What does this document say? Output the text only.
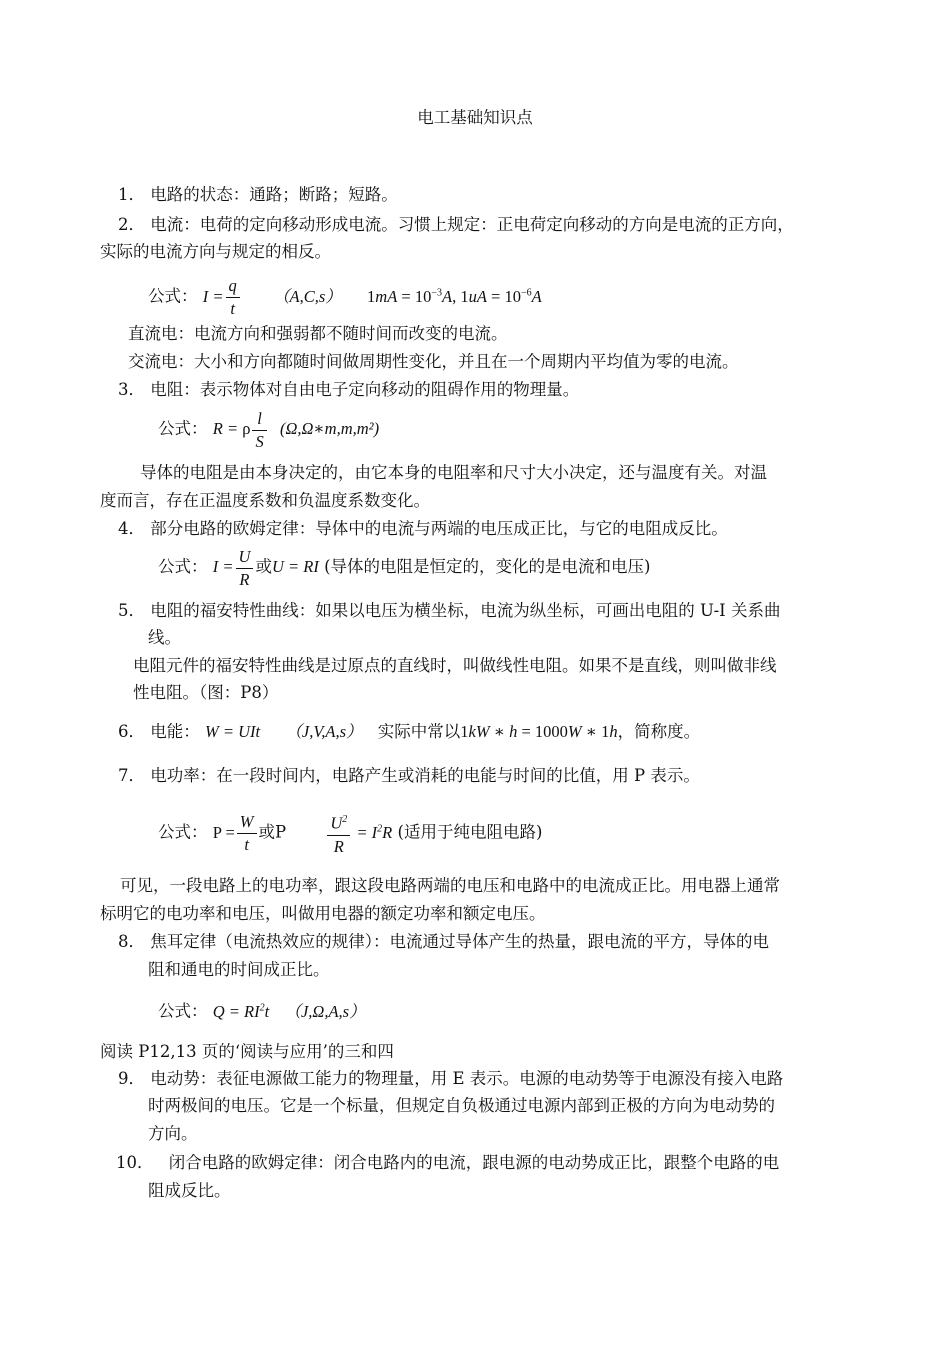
电工基础知识点
1． 电路的状态：通路；断路；短路。
2． 电流：电荷的定向移动形成电流。习惯上规定：正电荷定向移动的方向是电流的正方向，
实际的电流方向与规定的相反。
公式： $I = \frac{q}{t} (A,C,s) 1mA = 10^{-3}A$, $1uA = 10^{-6}A$
直流电：电流方向和强弱都不随时间而改变的电流。
交流电：大小和方向都随时间做周期性变化，并且在一个周期内平均值为零的电流。
3． 电阻：表示物体对自由电子定向移动的阻碍作用的物理量。
公式： R = ρ $\frac{l}{S}$ (Ω,Ω∗m,m,m²)
导体的电阻是由本身决定的，由它本身的电阻率和尺寸大小决定，还与温度有关。对温
度而言，存在正温度系数和负温度系数变化。
4． 部分电路的欧姆定律：导体中的电流与两端的电压成正比，与它的电阻成反比。
公式： $I = \frac{U}{R}$ 或U = RI (导体的电阻是恒定的，变化的是电流和电压)
5． 电阻的福安特性曲线：如果以电压为横坐标，电流为纵坐标，可画出电阻的 U-I 关系曲
线。
电阻元件的福安特性曲线是过原点的直线时，叫做线性电阻。如果不是直线，则叫做非线
性电阻。（图：P8）
6． 电能： W = UIt （J,V,A,s） 实际中常以1kW ∗ h = 1000W ∗ 1h，简称度。
7． 电功率：在一段时间内，电路产生或消耗的电能与时间的比值，用 P 表示。
公式： $P = \frac{W}{t}$ 或P	$\frac{U^2}{R} = I^2R$ (适用于纯电阻电路)
可见，一段电路上的电功率，跟这段电路两端的电压和电路中的电流成正比。用电器上通常
标明它的电功率和电压，叫做用电器的额定功率和额定电压。
8． 焦耳定律（电流热效应的规律）：电流通过导体产生的热量，跟电流的平方，导体的电
阻和通电的时间成正比。
公式： $Q = RI^2t$ （J,Ω,A,s）
阅读 P12,13 页的‘阅读与应用’的三和四
9． 电动势：表征电源做工能力的物理量，用 E 表示。电源的电动势等于电源没有接入电路
时两极间的电压。它是一个标量，但规定自负极通过电源内部到正极的方向为电动势的
方向。
10． 闭合电路的欧姆定律：闭合电路内的电流，跟电源的电动势成正比，跟整个电路的电
阻成反比。
